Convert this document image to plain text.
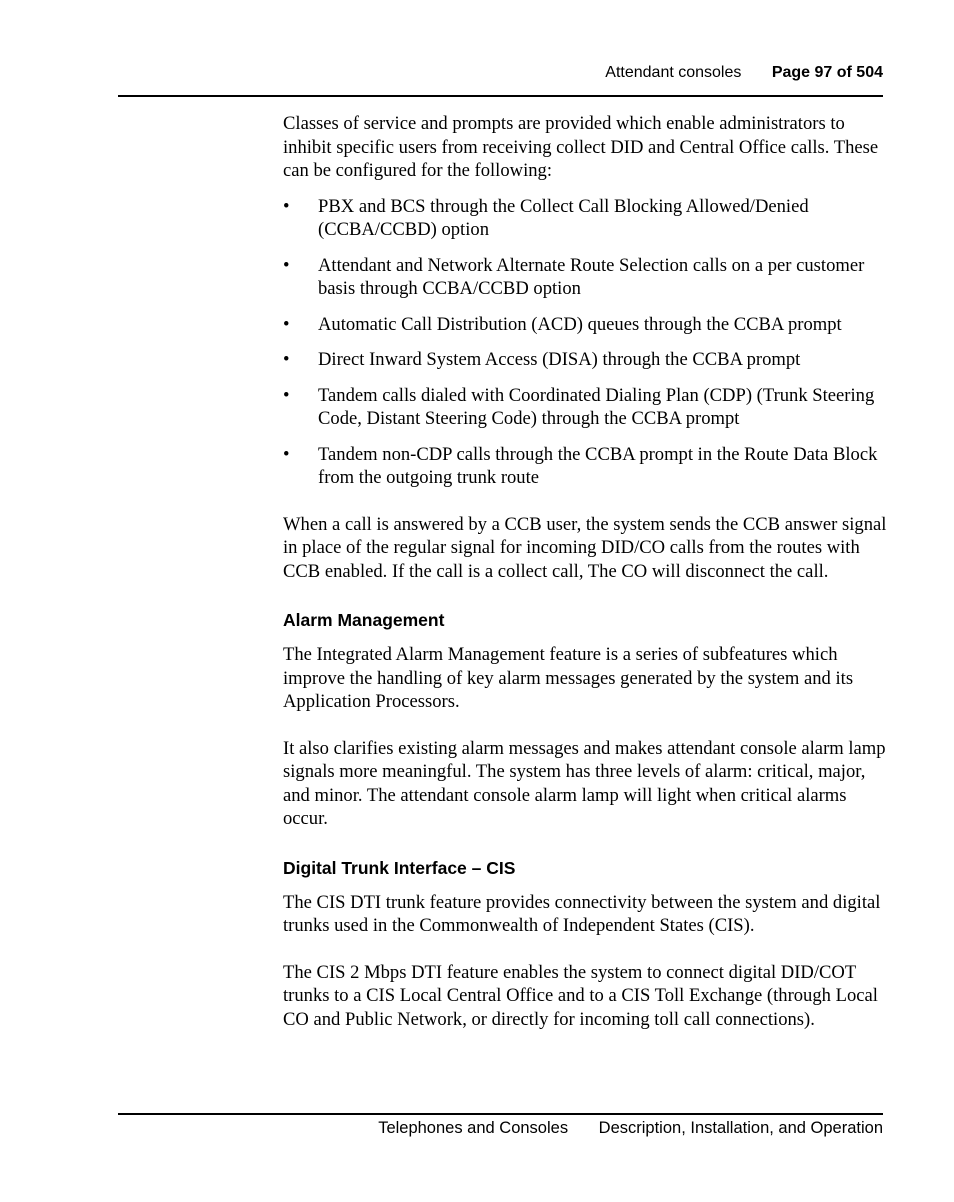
Attendant consoles Page 97 of 504

Classes of service and prompts are provided which enable administrators to inhibit specific users from receiving collect DID and Central Office calls. These can be configured for the following:

• PBX and BCS through the Collect Call Blocking Allowed/Denied (CCBA/CCBD) option
• Attendant and Network Alternate Route Selection calls on a per customer basis through CCBA/CCBD option
• Automatic Call Distribution (ACD) queues through the CCBA prompt
• Direct Inward System Access (DISA) through the CCBA prompt
• Tandem calls dialed with Coordinated Dialing Plan (CDP) (Trunk Steering Code, Distant Steering Code) through the CCBA prompt
• Tandem non-CDP calls through the CCBA prompt in the Route Data Block from the outgoing trunk route

When a call is answered by a CCB user, the system sends the CCB answer signal in place of the regular signal for incoming DID/CO calls from the routes with CCB enabled. If the call is a collect call, The CO will disconnect the call.

Alarm Management

The Integrated Alarm Management feature is a series of subfeatures which improve the handling of key alarm messages generated by the system and its Application Processors.

It also clarifies existing alarm messages and makes attendant console alarm lamp signals more meaningful. The system has three levels of alarm: critical, major, and minor. The attendant console alarm lamp will light when critical alarms occur.

Digital Trunk Interface – CIS

The CIS DTI trunk feature provides connectivity between the system and digital trunks used in the Commonwealth of Independent States (CIS).

The CIS 2 Mbps DTI feature enables the system to connect digital DID/COT trunks to a CIS Local Central Office and to a CIS Toll Exchange (through Local CO and Public Network, or directly for incoming toll call connections).

Telephones and Consoles Description, Installation, and Operation
